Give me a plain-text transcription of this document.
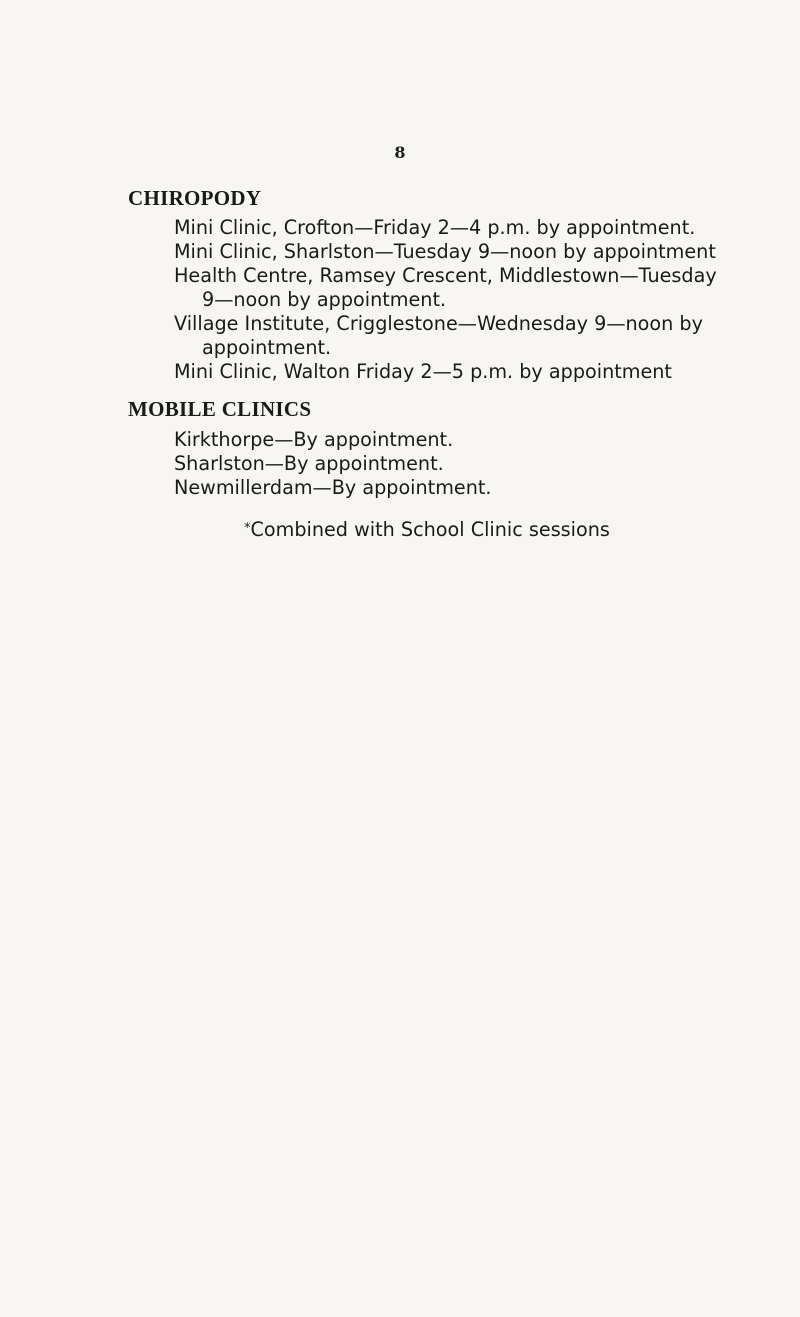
8
CHIROPODY
Mini Clinic, Crofton—Friday 2—4 p.m. by appointment.
Mini Clinic, Sharlston—Tuesday 9—noon by appointment
Health Centre, Ramsey Crescent, Middlestown—Tuesday
9—noon by appointment.
Village Institute, Crigglestone—Wednesday 9—noon by
appointment.
Mini Clinic, Walton Friday 2—5 p.m. by appointment
MOBILE CLINICS
Kirkthorpe—By appointment.
Sharlston—By appointment.
Newmillerdam—By appointment.
*Combined with School Clinic sessions
